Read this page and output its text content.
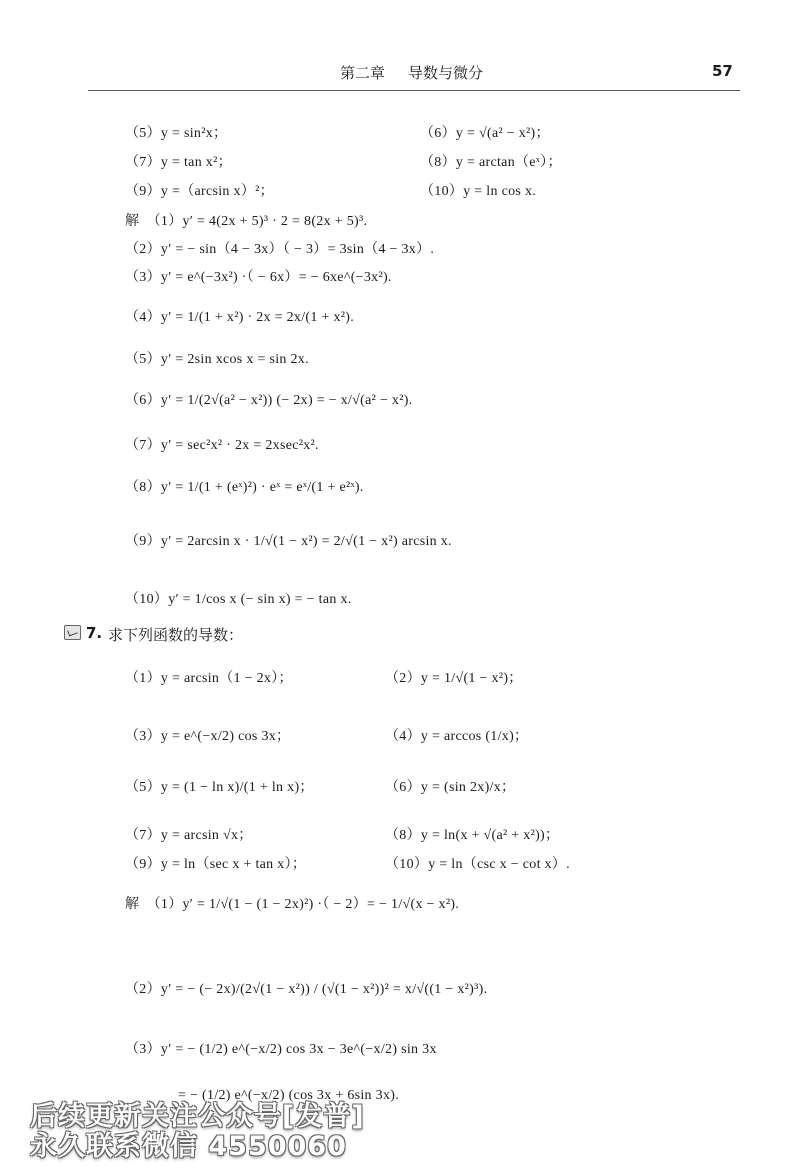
第二章 导数与微分	57
（5）y = sin²x；	（6）y = √(a² − x²)；
（7）y = tan x²；	（8）y = arctan（eˣ）；
（9）y =（arcsin x）²；	（10）y = ln cos x.
解　（1）y′ = 4(2x + 5)³ · 2 = 8(2x + 5)³.
（2）y′ = − sin（4 − 3x）（ − 3）= 3sin（4 − 3x）.
（3）y′ = e^(−3x²) ·（ − 6x）= − 6xe^(−3x²).
（4）y′ = 1/(1 + x²) · 2x = 2x/(1 + x²).
（5）y′ = 2sin xcos x = sin 2x.
（6）y′ = 1/(2√(a² − x²)) (− 2x) = − x/√(a² − x²).
（7）y′ = sec²x² · 2x = 2xsec²x².
（8）y′ = 1/(1 + (eˣ)²) · eˣ = eˣ/(1 + e²ˣ).
（9）y′ = 2arcsin x · 1/√(1 − x²) = 2/√(1 − x²) arcsin x.
（10）y′ = 1/cos x (− sin x) = − tan x.
7. 求下列函数的导数：
（1）y = arcsin（1 − 2x）；	（2）y = 1/√(1 − x²)；
（3）y = e^(−x/2) cos 3x；	（4）y = arccos (1/x)；
（5）y = (1 − ln x)/(1 + ln x)；	（6）y = (sin 2x)/x；
（7）y = arcsin √x；	（8）y = ln(x + √(a² + x²))；
（9）y = ln（sec x + tan x）；	（10）y = ln（csc x − cot x）.
解　（1）y′ = 1/√(1 − (1 − 2x)²) ·（ − 2）= − 1/√(x − x²).
（2）y′ = − (− 2x)/(2√(1 − x²)) / (√(1 − x²))² = x/√((1 − x²)³).
（3）y′ = − (1/2) e^(−x/2) cos 3x − 3e^(−x/2) sin 3x
= − (1/2) e^(−x/2) (cos 3x + 6sin 3x).
后续更新关注公众号[发普]
永久联系微信 4550060
